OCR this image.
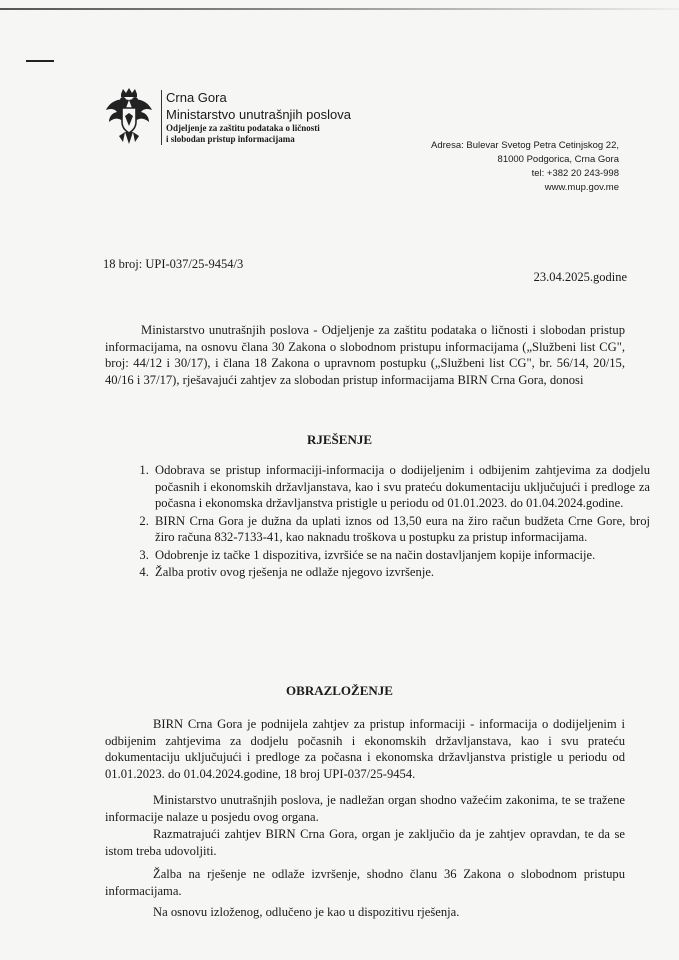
Crna Gora
Ministarstvo unutrašnjih poslova
Odjeljenje za zaštitu podataka o ličnosti
i slobodan pristup informacijama
Adresa: Bulevar Svetog Petra Cetinjskog 22,
81000 Podgorica, Crna Gora
tel: +382 20 243-998
www.mup.gov.me
18 broj: UPI-037/25-9454/3
23.04.2025.godine
Ministarstvo unutrašnjih poslova - Odjeljenje za zaštitu podataka o ličnosti i slobodan pristup informacijama, na osnovu člana 30 Zakona o slobodnom pristupu informacijama („Službeni list CG", broj: 44/12 i 30/17), i člana 18 Zakona o upravnom postupku („Službeni list CG", br. 56/14, 20/15, 40/16 i 37/17), rješavajući zahtjev za slobodan pristup informacijama BIRN Crna Gora, donosi
RJEŠENJE
1. Odobrava se pristup informaciji-informacija o dodijeljenim i odbijenim zahtjevima za dodjelu počasnih i ekonomskih državljanstava, kao i svu prateću dokumentaciju uključujući i predloge za počasna i ekonomska državljanstva pristigle u periodu od 01.01.2023. do 01.04.2024.godine.
2. BIRN Crna Gora je dužna da uplati iznos od 13,50 eura na žiro račun budžeta Crne Gore, broj žiro računa 832-7133-41, kao naknadu troškova u postupku za pristup informacijama.
3. Odobrenje iz tačke 1 dispozitiva, izvršiće se na način dostavljanjem kopije informacije.
4. Žalba protiv ovog rješenja ne odlaže njegovo izvršenje.
OBRAZLOŽENJE
BIRN Crna Gora je podnijela zahtjev za pristup informaciji - informacija o dodijeljenim i odbijenim zahtjevima za dodjelu počasnih i ekonomskih državljanstava, kao i svu prateću dokumentaciju uključujući i predloge za počasna i ekonomska državljanstva pristigle u periodu od 01.01.2023. do 01.04.2024.godine, 18 broj UPI-037/25-9454.
Ministarstvo unutrašnjih poslova, je nadležan organ shodno važećim zakonima, te se tražene informacije nalaze u posjedu ovog organa.
Razmatrajući zahtjev BIRN Crna Gora, organ je zaključio da je zahtjev opravdan, te da se istom treba udovoljiti.
Žalba na rješenje ne odlaže izvršenje, shodno članu 36 Zakona o slobodnom pristupu informacijama.
Na osnovu izloženog, odlučeno je kao u dispozitivu rješenja.
